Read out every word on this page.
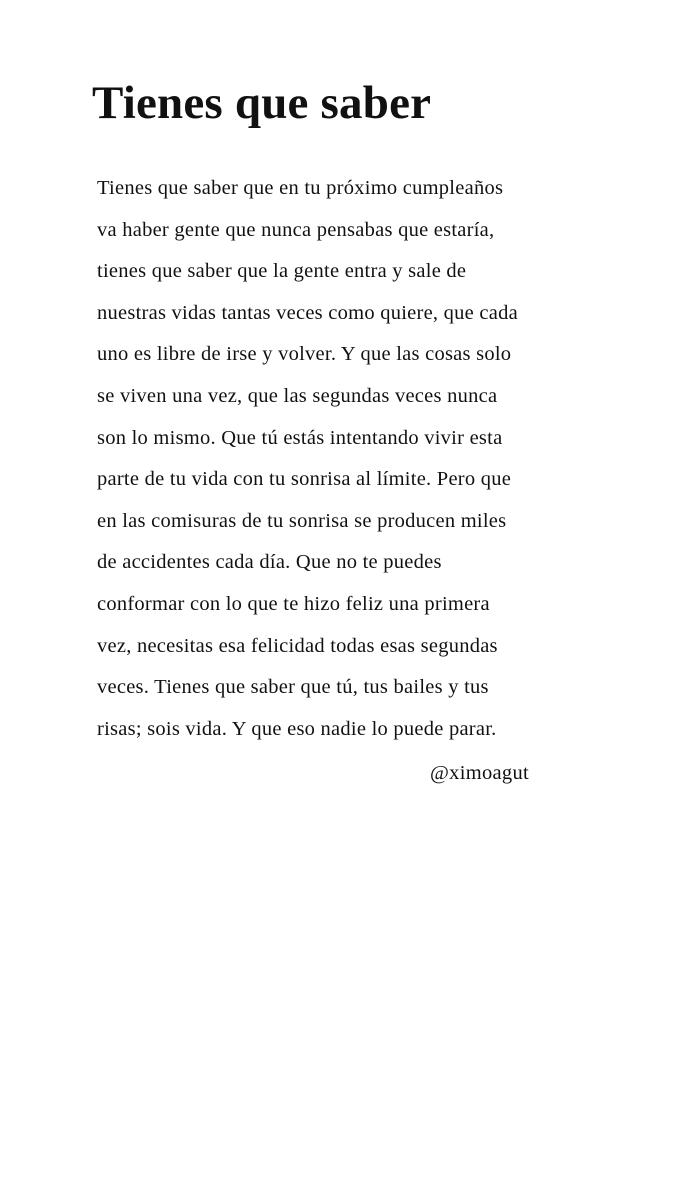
Tienes que saber
Tienes que saber que en tu próximo cumpleaños
va haber gente que nunca pensabas que estaría,
tienes que saber que la gente entra y sale de
nuestras vidas tantas veces como quiere, que cada
uno es libre de irse y volver. Y que las cosas solo
se viven una vez, que las segundas veces nunca
son lo mismo. Que tú estás intentando vivir esta
parte de tu vida con tu sonrisa al límite. Pero que
en las comisuras de tu sonrisa se producen miles
de accidentes cada día. Que no te puedes
conformar con lo que te hizo feliz una primera
vez, necesitas esa felicidad todas esas segundas
veces. Tienes que saber que tú, tus bailes y tus
risas; sois vida. Y que eso nadie lo puede parar.
@ximoagut
